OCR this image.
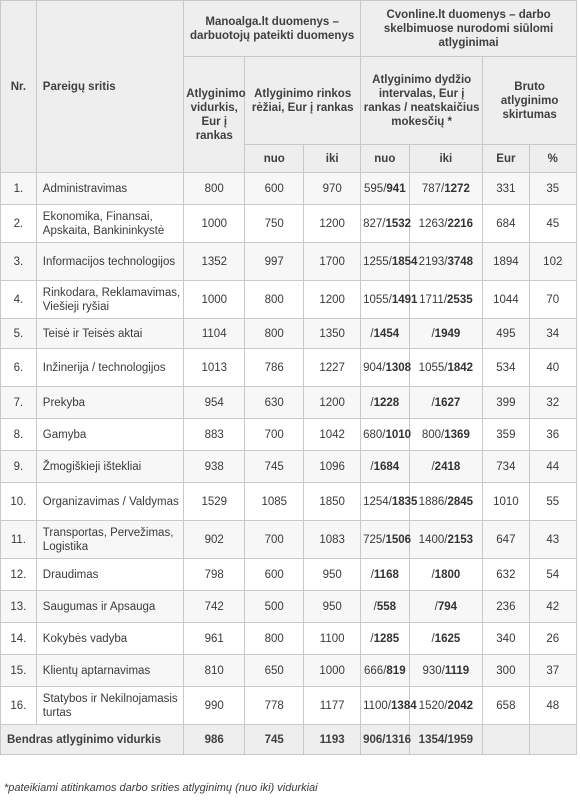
Nr.	Pareigų sritis	Manoalga.lt duomenys – darbuotojų pateikti duomenys			Cvonline.lt duomenys – darbo skelbimuose nurodomi siūlomi atlyginimai			
		Atlyginimo vidurkis, Eur į rankas	Atlyginimo rinkos rėžiai, Eur į rankas		Atlyginimo dydžio intervalas, Eur į rankas / neatskaičius mokesčių *		Bruto atlyginimo skirtumas	
			nuo	iki	nuo	iki	Eur	%
1.	Administravimas	800	600	970	595/941	787/1272	331	35
2.	Ekonomika, Finansai, Apskaita, Bankininkystė	1000	750	1200	827/1532	1263/2216	684	45
3.	Informacijos technologijos	1352	997	1700	1255/1854	2193/3748	1894	102
4.	Rinkodara, Reklamavimas, Viešieji ryšiai	1000	800	1200	1055/1491	1711/2535	1044	70
5.	Teisė ir Teisės aktai	1104	800	1350	/1454	/1949	495	34
6.	Inžinerija / technologijos	1013	786	1227	904/1308	1055/1842	534	40
7.	Prekyba	954	630	1200	/1228	/1627	399	32
8.	Gamyba	883	700	1042	680/1010	800/1369	359	36
9.	Žmogiškieji ištekliai	938	745	1096	/1684	/2418	734	44
10.	Organizavimas / Valdymas	1529	1085	1850	1254/1835	1886/2845	1010	55
11.	Transportas, Pervežimas, Logistika	902	700	1083	725/1506	1400/2153	647	43
12.	Draudimas	798	600	950	/1168	/1800	632	54
13.	Saugumas ir Apsauga	742	500	950	/558	/794	236	42
14.	Kokybės vadyba	961	800	1100	/1285	/1625	340	26
15.	Klientų aptarnavimas	810	650	1000	666/819	930/1119	300	37
16.	Statybos ir Nekilnojamasis turtas	990	778	1177	1100/1384	1520/2042	658	48
Bendras atlyginimo vidurkis		986	745	1193	906/1316	1354/1959		
*pateikiami atitinkamos darbo srities atlyginimų (nuo iki) vidurkiai
